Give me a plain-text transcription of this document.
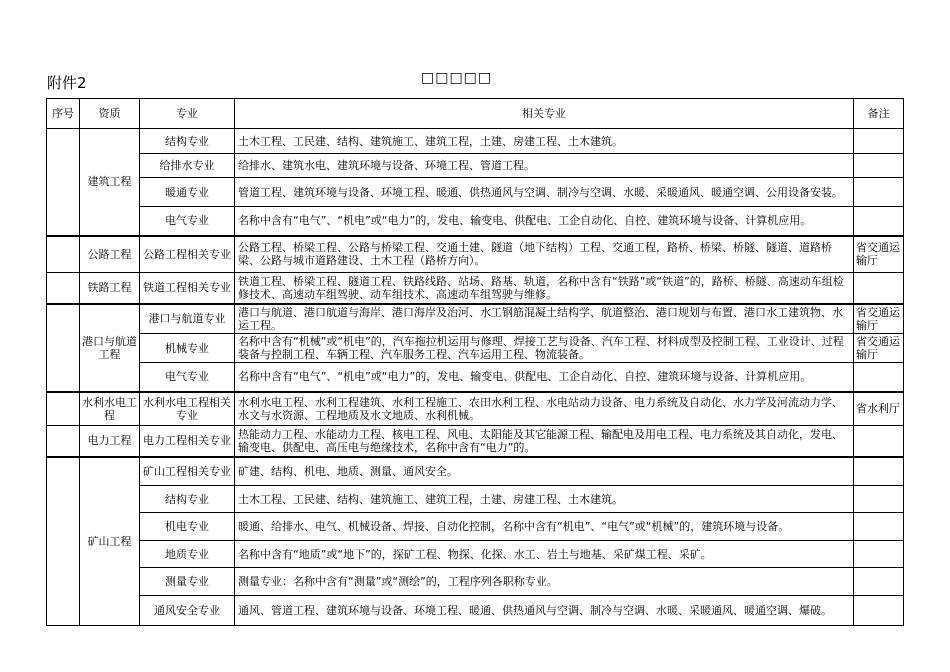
附件2	□□□□□
序号	资质	专业	相关专业	备注
	建筑工程	结构专业	土木工程、工民建、结构、建筑施工、建筑工程，土建、房建工程、土木建筑。	
		给排水专业	给排水、建筑水电、建筑环境与设备、环境工程、管道工程。	
		暖通专业	管道工程、建筑环境与设备、环境工程、暖通、供热通风与空调、制冷与空调、水暖、采暖通风、暖通空调、公用设备安装。	
		电气专业	名称中含有“电气”、“机电”或“电力”的，发电、输变电、供配电、工企自动化、自控、建筑环境与设备、计算机应用。	
	公路工程	公路工程相关专业	公路工程、桥梁工程、公路与桥梁工程、交通土建、隧道（地下结构）工程、交通工程，路桥、桥梁、桥隧、隧道、道路桥梁、公路与城市道路建设、土木工程（路桥方向）。	省交通运输厅
	铁路工程	铁道工程相关专业	铁道工程、桥梁工程、隧道工程、铁路线路、站场、路基、轨道，名称中含有“铁路”或“铁道”的，路桥、桥隧、高速动车组检修技术、高速动车组驾驶、动车组技术、高速动车组驾驶与维修。	
	港口与航道工程	港口与航道专业	港口与航道、港口航道与海岸、港口海岸及治河、水工钢筋混凝土结构学、航道整治、港口规划与布置、港口水工建筑物、水运工程。	省交通运输厅
		机械专业	名称中含有“机械”或“机电”的，汽车拖拉机运用与修理、焊接工艺与设备、汽车工程、材料成型及控制工程、工业设计、过程装备与控制工程、车辆工程、汽车服务工程、汽车运用工程、物流装备。	省交通运输厅
		电气专业	名称中含有“电气”、“机电”或“电力”的，发电、输变电、供配电、工企自动化、自控、建筑环境与设备、计算机应用。	
	水利水电工程	水利水电工程相关专业	水利水电工程、水利工程建筑、水利工程施工、农田水利工程、水电站动力设备、电力系统及自动化、水力学及河流动力学、水文与水资源、工程地质及水文地质、水利机械。	省水利厅
	电力工程	电力工程相关专业	热能动力工程、水能动力工程、核电工程、风电、太阳能及其它能源工程、输配电及用电工程、电力系统及其自动化，发电、输变电、供配电、高压电与绝缘技术，名称中含有“电力”的。	
	矿山工程	矿山工程相关专业	矿建、结构、机电、地质、测量、通风安全。	
		结构专业	土木工程、工民建、结构、建筑施工、建筑工程，土建、房建工程、土木建筑。	
		机电专业	暖通、给排水、电气、机械设备、焊接、自动化控制，名称中含有“机电”、“电气”或“机械”的，建筑环境与设备。	
		地质专业	名称中含有“地质”或“地下”的，探矿工程、物探、化探、水工、岩土与地基、采矿煤工程、采矿。	
		测量专业	测量专业：名称中含有“测量”或“测绘”的，工程序列各职称专业。	
		通风安全专业	通风、管道工程、建筑环境与设备、环境工程、暖通、供热通风与空调、制冷与空调、水暖、采暖通风、暖通空调、爆破。	
